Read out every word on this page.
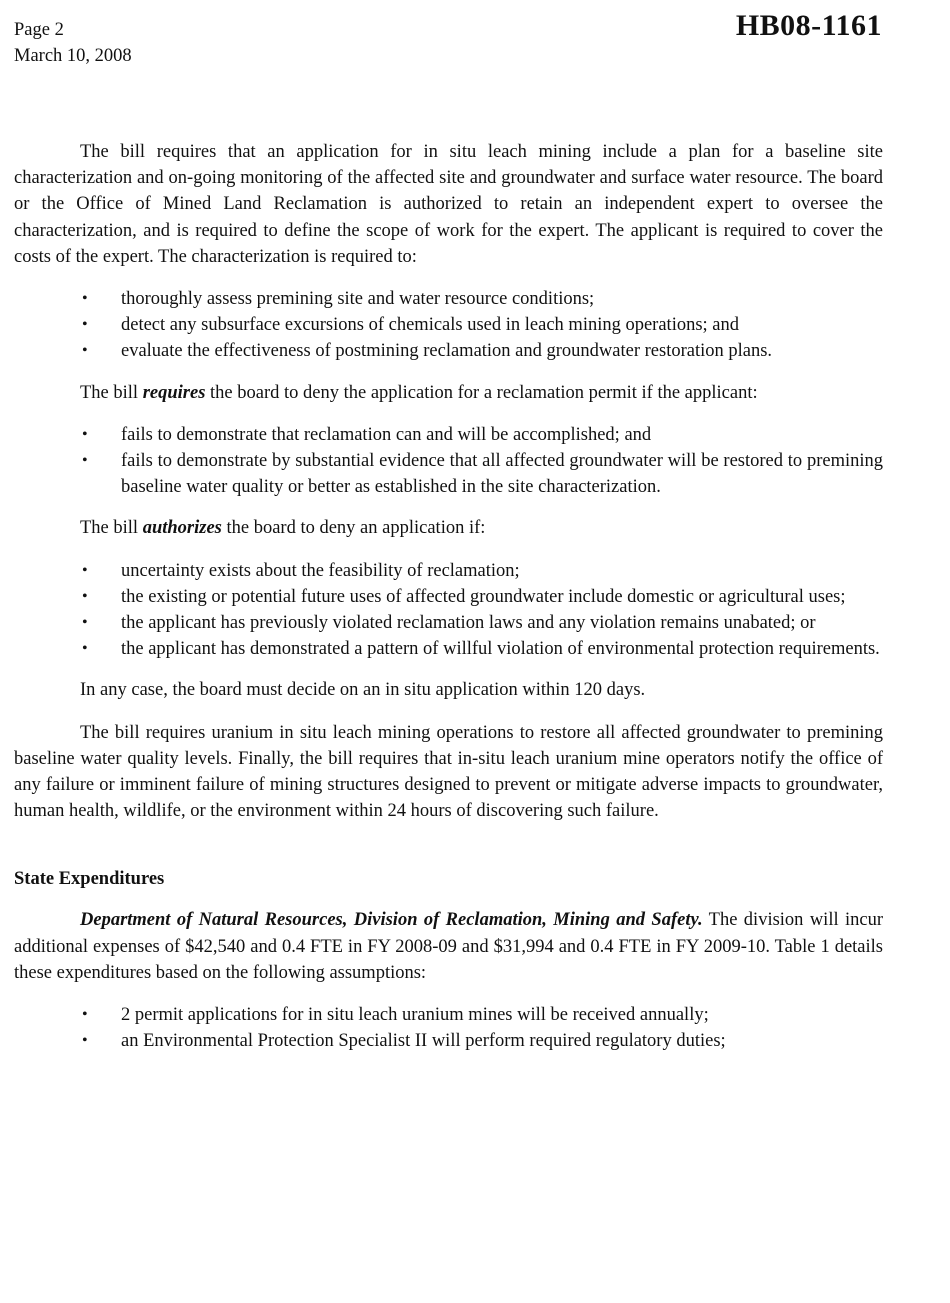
Page 2
March 10, 2008
HB08-1161

The bill requires that an application for in situ leach mining include a plan for a baseline site characterization and on-going monitoring of the affected site and groundwater and surface water resource. The board or the Office of Mined Land Reclamation is authorized to retain an independent expert to oversee the characterization, and is required to define the scope of work for the expert. The applicant is required to cover the costs of the expert. The characterization is required to:

• thoroughly assess premining site and water resource conditions;
• detect any subsurface excursions of chemicals used in leach mining operations; and
• evaluate the effectiveness of postmining reclamation and groundwater restoration plans.

The bill requires the board to deny the application for a reclamation permit if the applicant:

• fails to demonstrate that reclamation can and will be accomplished; and
• fails to demonstrate by substantial evidence that all affected groundwater will be restored to premining baseline water quality or better as established in the site characterization.

The bill authorizes the board to deny an application if:

• uncertainty exists about the feasibility of reclamation;
• the existing or potential future uses of affected groundwater include domestic or agricultural uses;
• the applicant has previously violated reclamation laws and any violation remains unabated; or
• the applicant has demonstrated a pattern of willful violation of environmental protection requirements.

In any case, the board must decide on an in situ application within 120 days.

The bill requires uranium in situ leach mining operations to restore all affected groundwater to premining baseline water quality levels. Finally, the bill requires that in-situ leach uranium mine operators notify the office of any failure or imminent failure of mining structures designed to prevent or mitigate adverse impacts to groundwater, human health, wildlife, or the environment within 24 hours of discovering such failure.

State Expenditures

Department of Natural Resources, Division of Reclamation, Mining and Safety. The division will incur additional expenses of $42,540 and 0.4 FTE in FY 2008-09 and $31,994 and 0.4 FTE in FY 2009-10. Table 1 details these expenditures based on the following assumptions:

• 2 permit applications for in situ leach uranium mines will be received annually;
• an Environmental Protection Specialist II will perform required regulatory duties;
